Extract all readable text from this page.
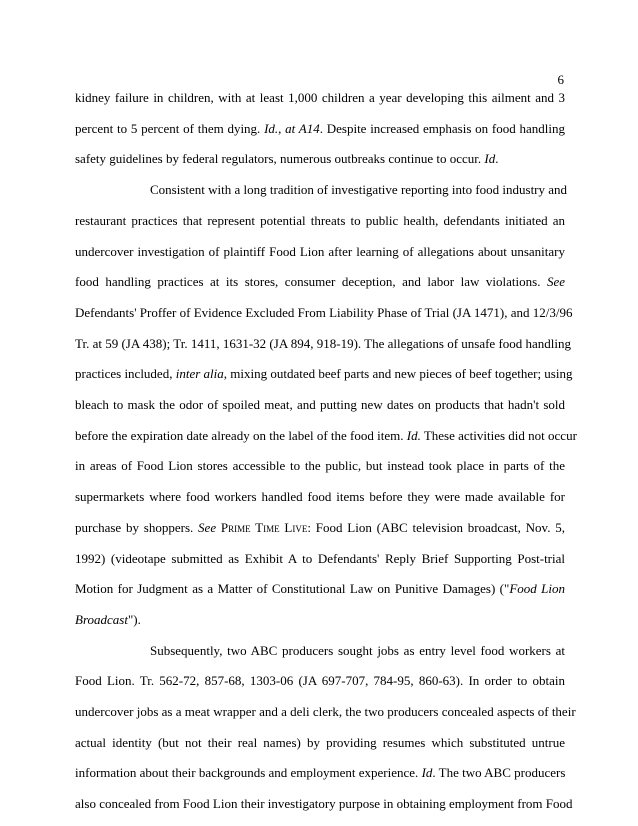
6
kidney failure in children, with at least 1,000 children a year developing this ailment and 3
percent to 5 percent of them dying. Id., at A14. Despite increased emphasis on food handling
safety guidelines by federal regulators, numerous outbreaks continue to occur. Id.
Consistent with a long tradition of investigative reporting into food industry and
restaurant practices that represent potential threats to public health, defendants initiated an
undercover investigation of plaintiff Food Lion after learning of allegations about unsanitary
food handling practices at its stores, consumer deception, and labor law violations. See
Defendants' Proffer of Evidence Excluded From Liability Phase of Trial (JA 1471), and 12/3/96
Tr. at 59 (JA 438); Tr. 1411, 1631-32 (JA 894, 918-19). The allegations of unsafe food handling
practices included, inter alia, mixing outdated beef parts and new pieces of beef together; using
bleach to mask the odor of spoiled meat, and putting new dates on products that hadn't sold
before the expiration date already on the label of the food item. Id. These activities did not occur
in areas of Food Lion stores accessible to the public, but instead took place in parts of the
supermarkets where food workers handled food items before they were made available for
purchase by shoppers. See Prime Time Live: Food Lion (ABC television broadcast, Nov. 5,
1992) (videotape submitted as Exhibit A to Defendants' Reply Brief Supporting Post-trial
Motion for Judgment as a Matter of Constitutional Law on Punitive Damages) ("Food Lion
Broadcast").
Subsequently, two ABC producers sought jobs as entry level food workers at
Food Lion. Tr. 562-72, 857-68, 1303-06 (JA 697-707, 784-95, 860-63). In order to obtain
undercover jobs as a meat wrapper and a deli clerk, the two producers concealed aspects of their
actual identity (but not their real names) by providing resumes which substituted untrue
information about their backgrounds and employment experience. Id. The two ABC producers
also concealed from Food Lion their investigatory purpose in obtaining employment from Food
